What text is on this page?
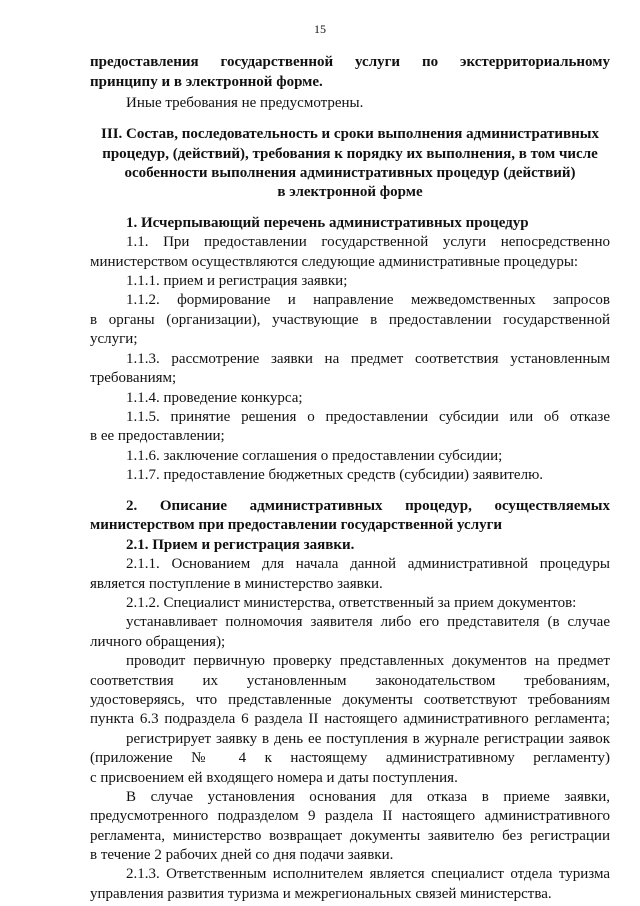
15
предоставления государственной услуги по экстерриториальному
принципу и в электронной форме.
Иные требования не предусмотрены.
III. Состав, последовательность и сроки выполнения административных
процедур, (действий), требования к порядку их выполнения, в том числе
особенности выполнения административных процедур (действий)
в электронной форме
1. Исчерпывающий перечень административных процедур
1.1. При предоставлении государственной услуги непосредственно
министерством осуществляются следующие административные процедуры:
1.1.1. прием и регистрация заявки;
1.1.2. формирование и направление межведомственных запросов
в органы (организации), участвующие в предоставлении государственной
услуги;
1.1.3. рассмотрение заявки на предмет соответствия установленным
требованиям;
1.1.4. проведение конкурса;
1.1.5. принятие решения о предоставлении субсидии или об отказе
в ее предоставлении;
1.1.6. заключение соглашения о предоставлении субсидии;
1.1.7. предоставление бюджетных средств (субсидии) заявителю.
2. Описание административных процедур, осуществляемых
министерством при предоставлении государственной услуги
2.1. Прием и регистрация заявки.
2.1.1. Основанием для начала данной административной процедуры
является поступление в министерство заявки.
2.1.2. Специалист министерства, ответственный за прием документов:
устанавливает полномочия заявителя либо его представителя (в случае
личного обращения);
проводит первичную проверку представленных документов на предмет
соответствия их установленным законодательством требованиям,
удостоверяясь, что представленные документы соответствуют требованиям
пункта 6.3 подраздела 6 раздела II настоящего административного регламента;
регистрирует заявку в день ее поступления в журнале регистрации заявок
(приложение № 4 к настоящему административному регламенту)
с присвоением ей входящего номера и даты поступления.
В случае установления основания для отказа в приеме заявки,
предусмотренного подразделом 9 раздела II настоящего административного
регламента, министерство возвращает документы заявителю без регистрации
в течение 2 рабочих дней со дня подачи заявки.
2.1.3. Ответственным исполнителем является специалист отдела туризма
управления развития туризма и межрегиональных связей министерства.
